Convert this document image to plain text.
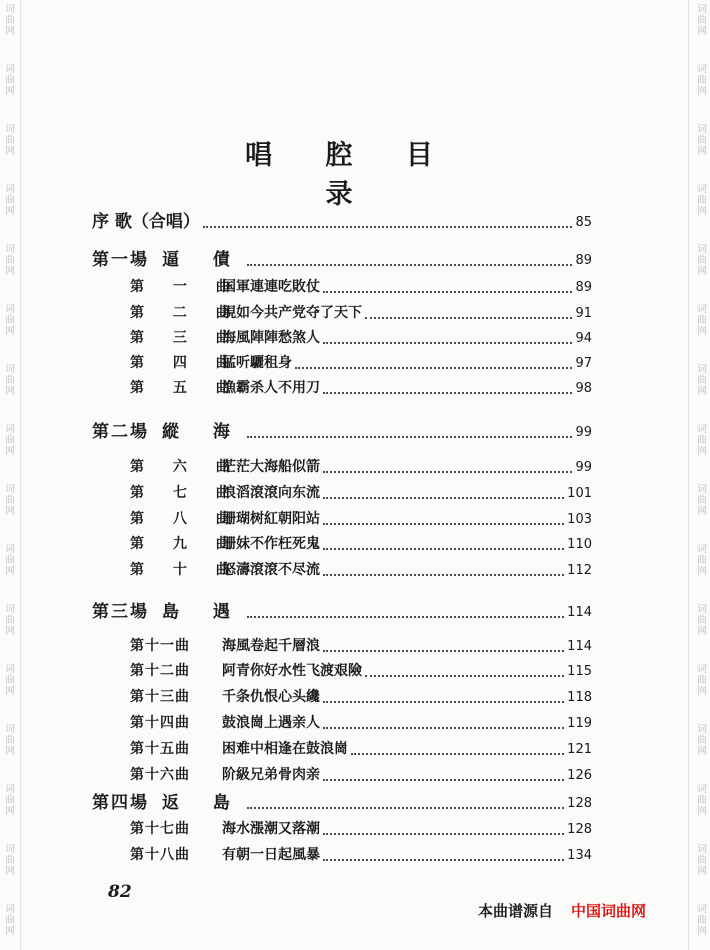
词
曲
网
词
曲
网
词
曲
网
词
曲
网
词
曲
网
词
曲
网
词
曲
网
词
曲
网
词
曲
网
词
曲
网
词
曲
网
词
曲
网
词
曲
网
词
曲
网
词
曲
网
词
曲
网
词
曲
网
词
曲
网
词
曲
网
词
曲
网
词
曲
网
词
曲
网
词
曲
网
词
曲
网
词
曲
网
词
曲
网
词
曲
网
词
曲
网
词
曲
网
词
曲
网
词
曲
网
词
曲
网
唱 腔 目 录
序 歌（合唱）	85
第一場 逼 債	89
第 一 曲国軍連連吃敗仗	89
第 二 曲現如今共产党夺了天下	91
第 三 曲海風陣陣愁煞人	94
第 四 曲猛听驪租身	97
第 五 曲漁霸杀人不用刀	98
第二場 縱 海	99
第 六 曲茫茫大海船似箭	99
第 七 曲浪滔滾滾向东流	101
第 八 曲珊瑚树紅朝阳站	103
第 九 曲珊妹不作枉死鬼	110
第 十 曲怒濤滾滾不尽流	112
第三場 島 遇	114
第十一曲 海風卷起千層浪	114
第十二曲 阿青你好水性飞渡艰險	115
第十三曲 千条仇恨心头纔	118
第十四曲 鼓浪崗上遇亲人	119
第十五曲 困难中相逢在鼓浪崗	121
第十六曲 阶級兄弟骨肉亲	126
第四場 返 島	128
第十七曲 海水漲潮又落潮	128
第十八曲 有朝一日起風暴	134
82
本曲谱源自 中国词曲网
